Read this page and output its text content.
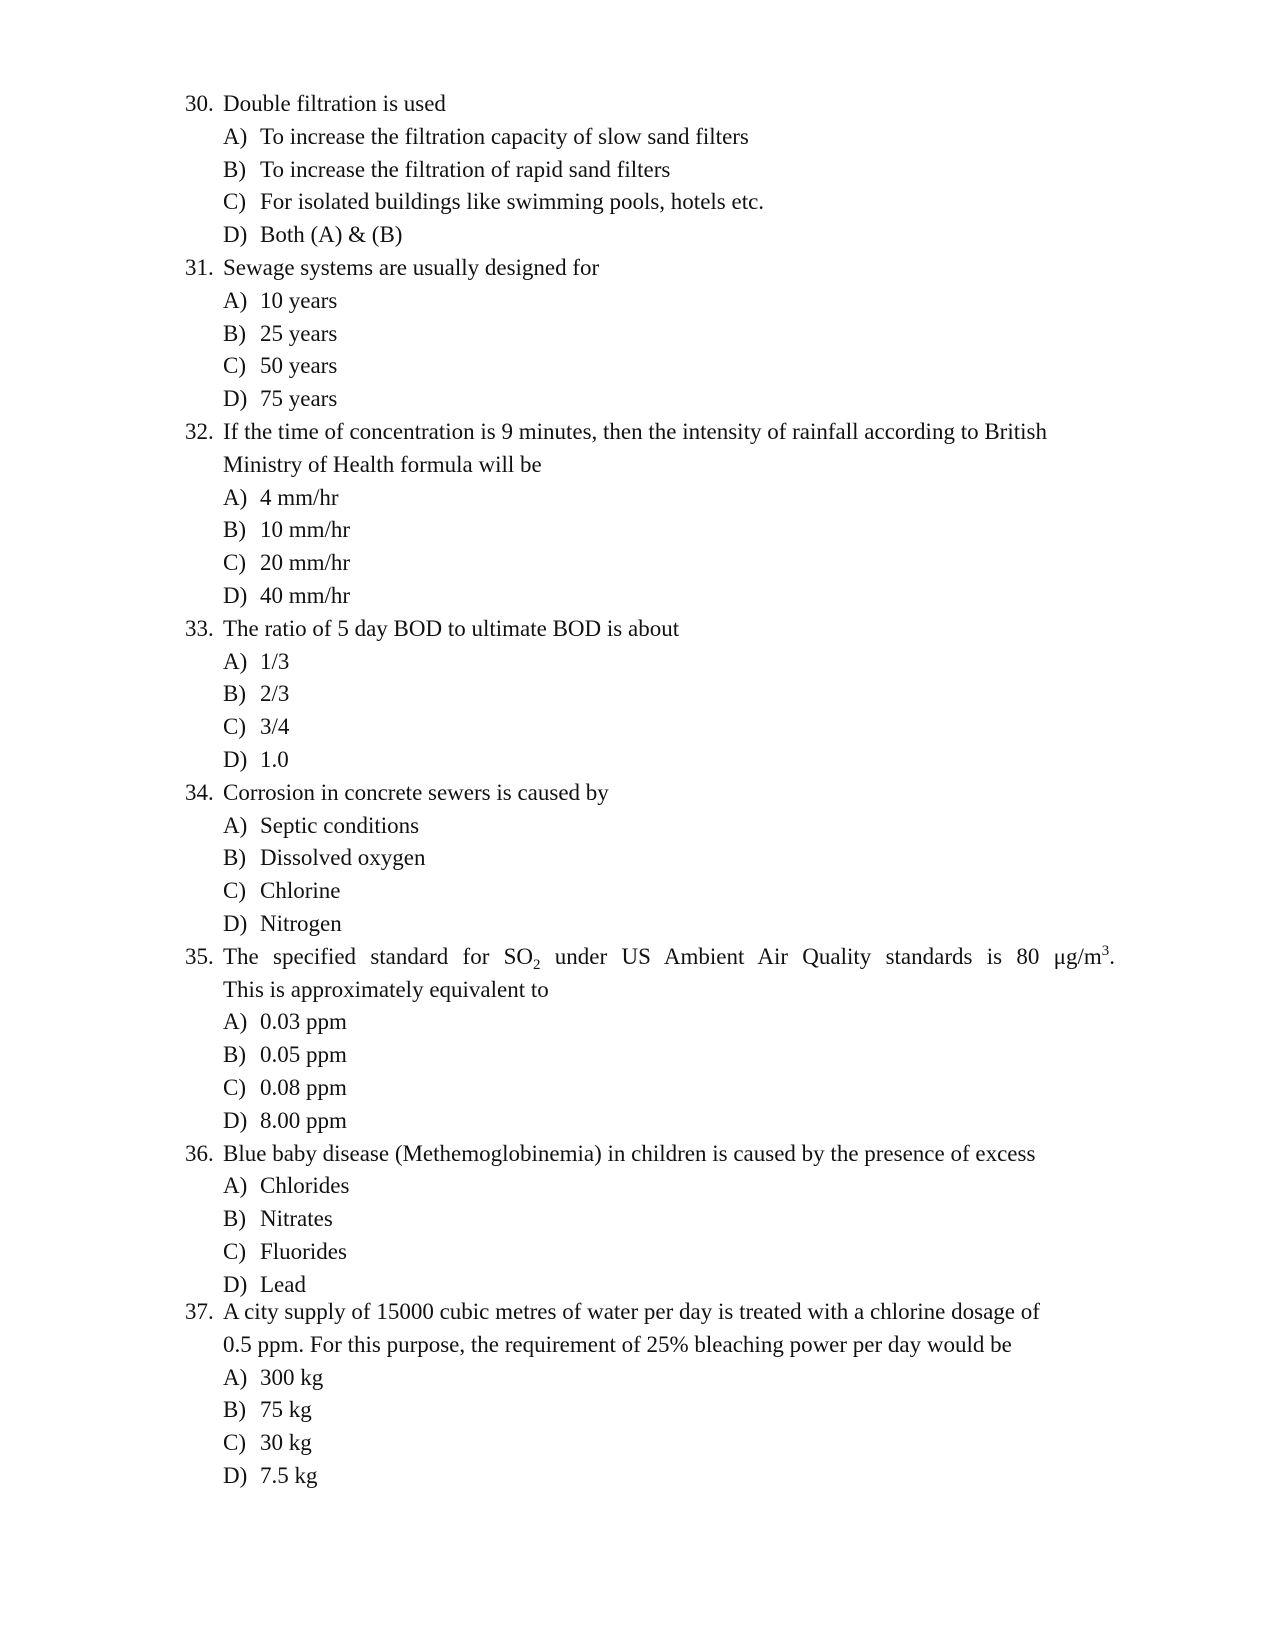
30. Double filtration is used
A) To increase the filtration capacity of slow sand filters
B) To increase the filtration of rapid sand filters
C) For isolated buildings like swimming pools, hotels etc.
D) Both (A) & (B)
31. Sewage systems are usually designed for
A) 10 years
B) 25 years
C) 50 years
D) 75 years
32. If the time of concentration is 9 minutes, then the intensity of rainfall according to British
Ministry of Health formula will be
A) 4 mm/hr
B) 10 mm/hr
C) 20 mm/hr
D) 40 mm/hr
33. The ratio of 5 day BOD to ultimate BOD is about
A) 1/3
B) 2/3
C) 3/4
D) 1.0
34. Corrosion in concrete sewers is caused by
A) Septic conditions
B) Dissolved oxygen
C) Chlorine
D) Nitrogen
35. The specified standard for $SO_2$ under US Ambient Air Quality standards is 80 $\mu g/m^3$.
This is approximately equivalent to
A) 0.03 ppm
B) 0.05 ppm
C) 0.08 ppm
D) 8.00 ppm
36. Blue baby disease (Methemoglobinemia) in children is caused by the presence of excess
A) Chlorides
B) Nitrates
C) Fluorides
D) Lead
37. A city supply of 15000 cubic metres of water per day is treated with a chlorine dosage of
0.5 ppm. For this purpose, the requirement of 25% bleaching power per day would be
A) 300 kg
B) 75 kg
C) 30 kg
D) 7.5 kg
